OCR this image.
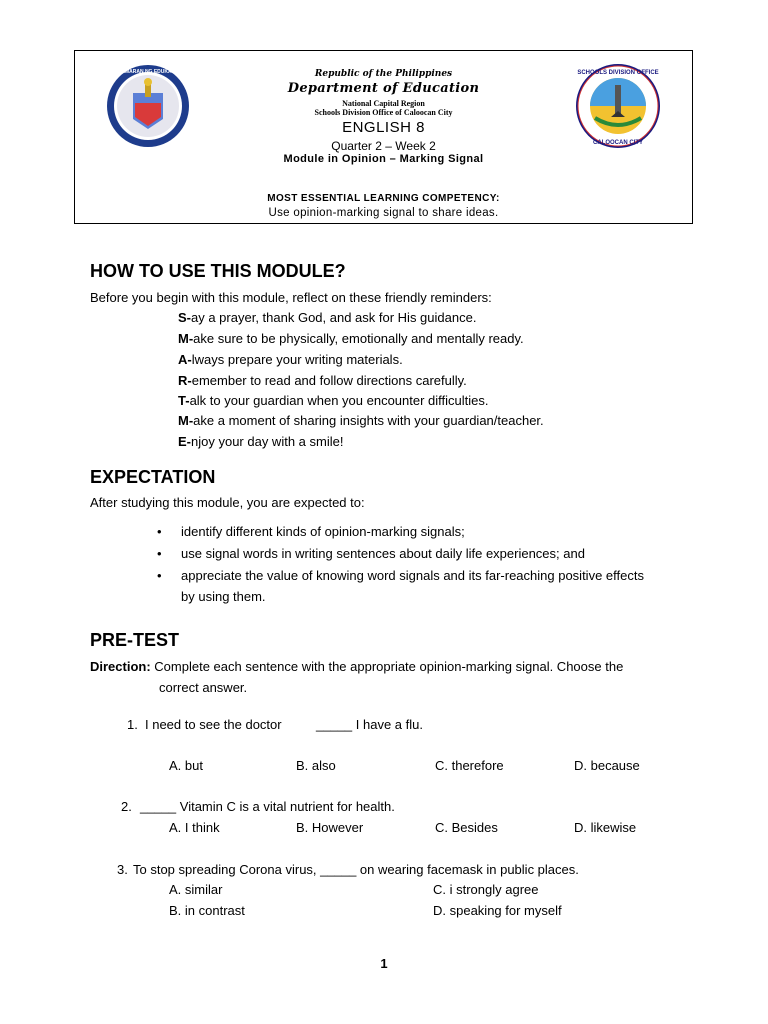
KAGAWARAN NG EDUKASYON	Republic of the Philippines
Department of Education
National Capital Region
Schools Division Office of Caloocan City
ENGLISH 8
Quarter 2 – Week 2
Module in Opinion – Marking Signal
MOST ESSENTIAL LEARNING COMPETENCY:
Use opinion-marking signal to share ideas.
SCHOOLS DIVISION OFFICE
CALOOCAN CITY
HOW TO USE THIS MODULE?
Before you begin with this module, reflect on these friendly reminders:
S-ay a prayer, thank God, and ask for His guidance.
M-ake sure to be physically, emotionally and mentally ready.
A-lways prepare your writing materials.
R-emember to read and follow directions carefully.
T-alk to your guardian when you encounter difficulties.
M-ake a moment of sharing insights with your guardian/teacher.
E-njoy your day with a smile!
EXPECTATION
After studying this module, you are expected to:
• identify different kinds of opinion-marking signals;
• use signal words in writing sentences about daily life experiences; and
• appreciate the value of knowing word signals and its far-reaching positive effects
by using them.
PRE-TEST
Direction: Complete each sentence with the appropriate opinion-marking signal. Choose the
correct answer.
1. I need to see the doctor	_____ I have a flu.
A. but	B. also	C. therefore	D. because
2. _____ Vitamin C is a vital nutrient for health.
A. I think	B. However	C. Besides	D. likewise
3. To stop spreading Corona virus, _____ on wearing facemask in public places.
A. similar	C. i strongly agree
B. in contrast	D. speaking for myself
1
